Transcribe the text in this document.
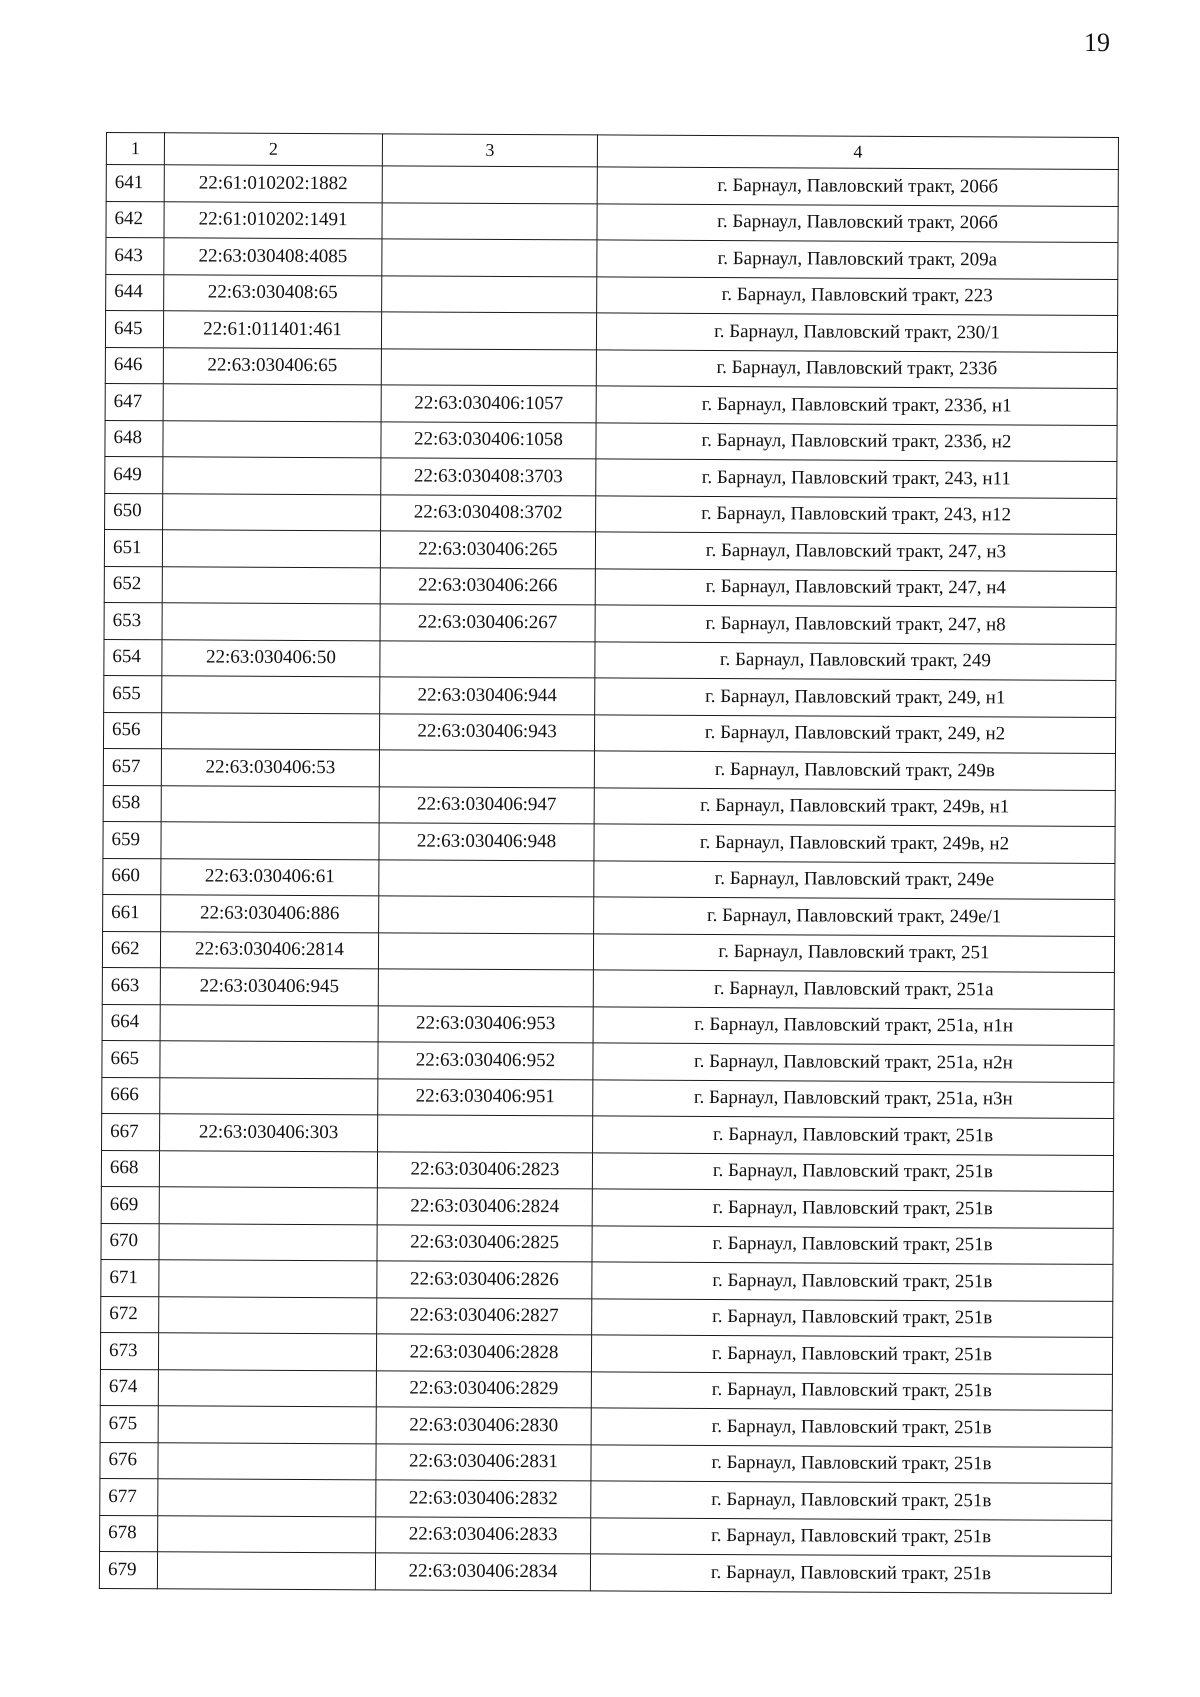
19
1	2	3	4
641	22:61:010202:1882		г. Барнаул, Павловский тракт, 206б
642	22:61:010202:1491		г. Барнаул, Павловский тракт, 206б
643	22:63:030408:4085		г. Барнаул, Павловский тракт, 209а
644	22:63:030408:65		г. Барнаул, Павловский тракт, 223
645	22:61:011401:461		г. Барнаул, Павловский тракт, 230/1
646	22:63:030406:65		г. Барнаул, Павловский тракт, 233б
647		22:63:030406:1057	г. Барнаул, Павловский тракт, 233б, н1
648		22:63:030406:1058	г. Барнаул, Павловский тракт, 233б, н2
649		22:63:030408:3703	г. Барнаул, Павловский тракт, 243, н11
650		22:63:030408:3702	г. Барнаул, Павловский тракт, 243, н12
651		22:63:030406:265	г. Барнаул, Павловский тракт, 247, н3
652		22:63:030406:266	г. Барнаул, Павловский тракт, 247, н4
653		22:63:030406:267	г. Барнаул, Павловский тракт, 247, н8
654	22:63:030406:50		г. Барнаул, Павловский тракт, 249
655		22:63:030406:944	г. Барнаул, Павловский тракт, 249, н1
656		22:63:030406:943	г. Барнаул, Павловский тракт, 249, н2
657	22:63:030406:53		г. Барнаул, Павловский тракт, 249в
658		22:63:030406:947	г. Барнаул, Павловский тракт, 249в, н1
659		22:63:030406:948	г. Барнаул, Павловский тракт, 249в, н2
660	22:63:030406:61		г. Барнаул, Павловский тракт, 249е
661	22:63:030406:886		г. Барнаул, Павловский тракт, 249е/1
662	22:63:030406:2814		г. Барнаул, Павловский тракт, 251
663	22:63:030406:945		г. Барнаул, Павловский тракт, 251а
664		22:63:030406:953	г. Барнаул, Павловский тракт, 251а, н1н
665		22:63:030406:952	г. Барнаул, Павловский тракт, 251а, н2н
666		22:63:030406:951	г. Барнаул, Павловский тракт, 251а, н3н
667	22:63:030406:303		г. Барнаул, Павловский тракт, 251в
668		22:63:030406:2823	г. Барнаул, Павловский тракт, 251в
669		22:63:030406:2824	г. Барнаул, Павловский тракт, 251в
670		22:63:030406:2825	г. Барнаул, Павловский тракт, 251в
671		22:63:030406:2826	г. Барнаул, Павловский тракт, 251в
672		22:63:030406:2827	г. Барнаул, Павловский тракт, 251в
673		22:63:030406:2828	г. Барнаул, Павловский тракт, 251в
674		22:63:030406:2829	г. Барнаул, Павловский тракт, 251в
675		22:63:030406:2830	г. Барнаул, Павловский тракт, 251в
676		22:63:030406:2831	г. Барнаул, Павловский тракт, 251в
677		22:63:030406:2832	г. Барнаул, Павловский тракт, 251в
678		22:63:030406:2833	г. Барнаул, Павловский тракт, 251в
679		22:63:030406:2834	г. Барнаул, Павловский тракт, 251в
